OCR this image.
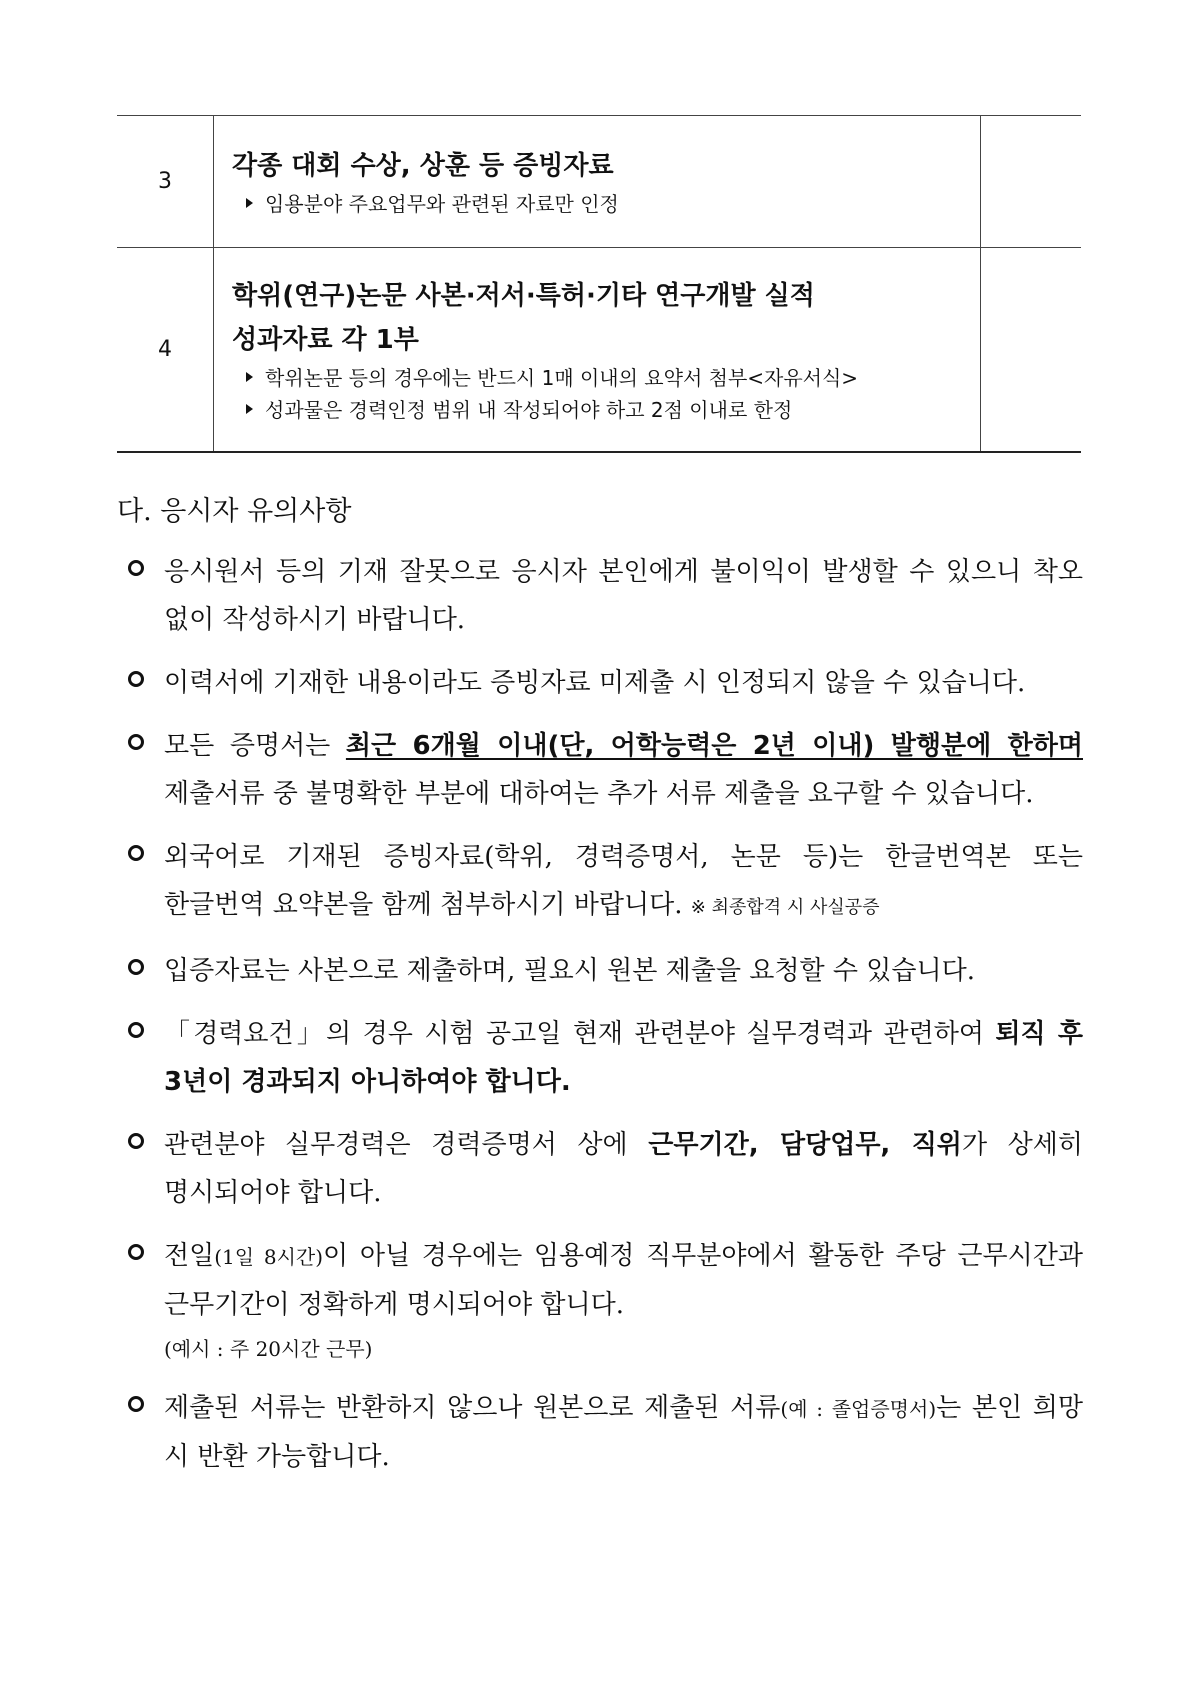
3	각종 대회 수상, 상훈 등 증빙자료
임용분야 주요업무와 관련된 자료만 인정	

4	학위(연구)논문 사본·저서·특허·기타 연구개발 실적
성과자료 각 1부
학위논문 등의 경우에는 반드시 1매 이내의 요약서 첨부<자유서식>
성과물은 경력인정 범위 내 작성되어야 하고 2점 이내로 한정	

다. 응시자 유의사항
응시원서 등의 기재 잘못으로 응시자 본인에게 불이익이 발생할 수 있으니 착오 없이 작성하시기 바랍니다.
이력서에 기재한 내용이라도 증빙자료 미제출 시 인정되지 않을 수 있습니다.
모든 증명서는 최근 6개월 이내(단, 어학능력은 2년 이내) 발행분에 한하며 제출서류 중 불명확한 부분에 대하여는 추가 서류 제출을 요구할 수 있습니다.
외국어로 기재된 증빙자료(학위, 경력증명서, 논문 등)는 한글번역본 또는 한글번역 요약본을 함께 첨부하시기 바랍니다. ※ 최종합격 시 사실공증
입증자료는 사본으로 제출하며, 필요시 원본 제출을 요청할 수 있습니다.
「경력요건」의 경우 시험 공고일 현재 관련분야 실무경력과 관련하여 퇴직 후 3년이 경과되지 아니하여야 합니다.
관련분야 실무경력은 경력증명서 상에 근무기간, 담당업무, 직위가 상세히 명시되어야 합니다.
전일(1일 8시간)이 아닐 경우에는 임용예정 직무분야에서 활동한 주당 근무시간과 근무기간이 정확하게 명시되어야 합니다.
(예시 : 주 20시간 근무)
제출된 서류는 반환하지 않으나 원본으로 제출된 서류(예 : 졸업증명서)는 본인 희망 시 반환 가능합니다.
